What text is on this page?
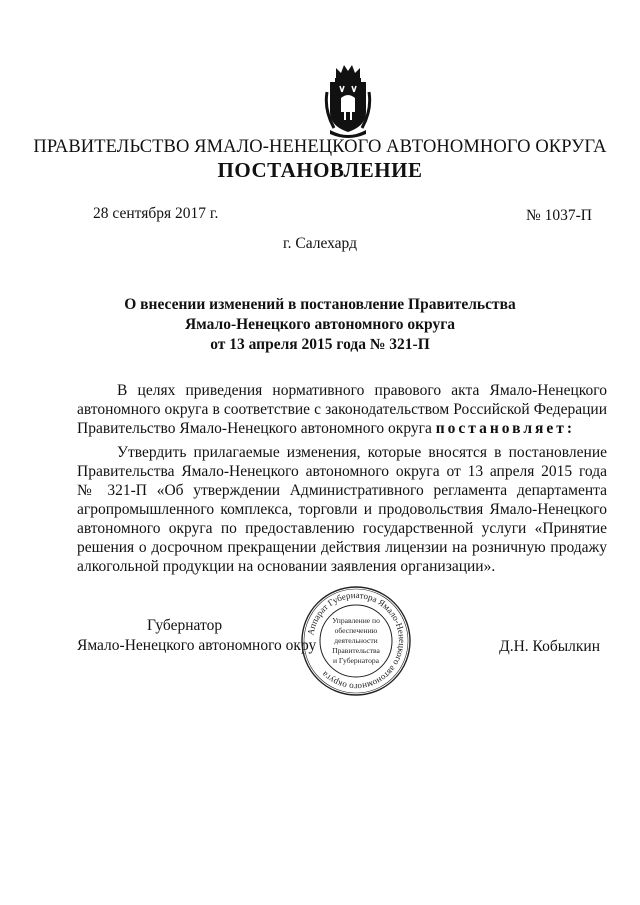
ПРАВИТЕЛЬСТВО ЯМАЛО-НЕНЕЦКОГО АВТОНОМНОГО ОКРУГА
ПОСТАНОВЛЕНИЕ
28 сентября 2017 г.	№ 1037-П
г. Салехард
О внесении изменений в постановление Правительства
Ямало-Ненецкого автономного округа
от 13 апреля 2015 года № 321-П
В целях приведения нормативного правового акта Ямало-Ненецкого
автономного округа в соответствие с законодательством Российской Федерации
Правительство Ямало-Ненецкого автономного округа постановляет:
Утвердить прилагаемые изменения, которые вносятся в постановление
Правительства Ямало-Ненецкого автономного округа от 13 апреля 2015 года
№ 321-П «Об утверждении Административного регламента департамента
агропромышленного комплекса, торговли и продовольствия Ямало-Ненецкого
автономного округа по предоставлению государственной услуги «Принятие
решения о досрочном прекращении действия лицензии на розничную продажу
алкогольной продукции на основании заявления организации».
Губернатор
Ямало-Ненецкого автономного окру	Д.Н. Кобылкин
Аппарат Губернатора Ямало-Ненецкого автономного округа
Управление по
обеспечению
деятельности
Правительства
и Губернатора
